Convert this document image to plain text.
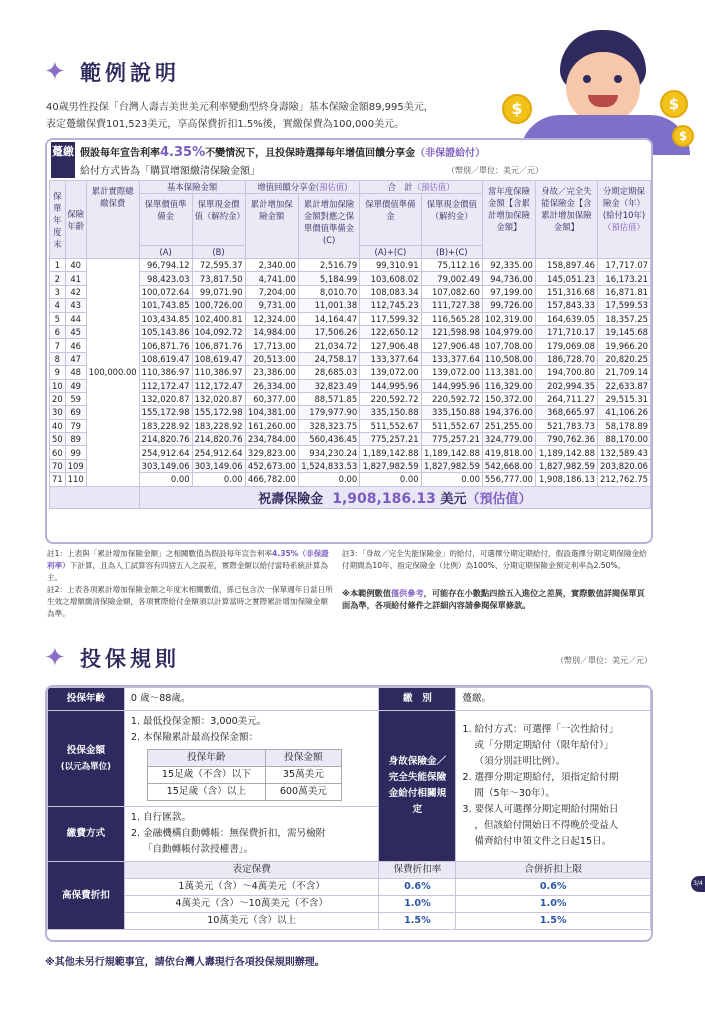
✦ 範例說明
$	$
$
40歲男性投保「台灣人壽吉美世美元利率變動型終身壽險」基本保險金額89,995美元，
表定躉繳保費101,523美元，享高保費折扣1.5%後，實繳保費為100,000美元。
躉繳 假設每年宣告利率4.35%不變情況下，且投保時選擇每年增值回饋分享金（非保證給付）
給付方式皆為「購買增額繳清保險金額」	（幣別／單位：美元／元）
保單年度末	保險年齡	累計實際總繳保費	基本保險金額		增值回饋分享金(預估值)		合　計（預估值）		當年度保險金額【含累計增加保險金額】	身故／完全失能保險金【含累計增加保險金額】	分期定期保險金（年）(給付10年)（預估值）
			保單價值準備金	保單現金價值（解約金）	累計增加保險金額	累計增加保險金額對應之保單價值準備金 (C)	保單價值準備金	保單現金價值（解約金）			
			(A)	(B)			(A)+(C)	(B)+(C)			
1	40	100,000.00	96,794.12	72,595.37	2,340.00	2,516.79	99,310.91	75,112.16	92,335.00	158,897.46	17,717.07
2	41		98,423.03	73,817.50	4,741.00	5,184.99	103,608.02	79,002.49	94,736.00	145,051.23	16,173.21
3	42		100,072.64	99,071.90	7,204.00	8,010.70	108,083.34	107,082.60	97,199.00	151,316.68	16,871.81
4	43		101,743.85	100,726.00	9,731.00	11,001.38	112,745.23	111,727.38	99,726.00	157,843.33	17,599.53
5	44		103,434.85	102,400.81	12,324.00	14,164.47	117,599.32	116,565.28	102,319.00	164,639.05	18,357.25
6	45		105,143.86	104,092.72	14,984.00	17,506.26	122,650.12	121,598.98	104,979.00	171,710.17	19,145.68
7	46		106,871.76	106,871.76	17,713.00	21,034.72	127,906.48	127,906.48	107,708.00	179,069.08	19,966.20
8	47		108,619.47	108,619.47	20,513.00	24,758.17	133,377.64	133,377.64	110,508.00	186,728.70	20,820.25
9	48		110,386.97	110,386.97	23,386.00	28,685.03	139,072.00	139,072.00	113,381.00	194,700.80	21,709.14
10	49		112,172.47	112,172.47	26,334.00	32,823.49	144,995.96	144,995.96	116,329.00	202,994.35	22,633.87
20	59		132,020.87	132,020.87	60,377.00	88,571.85	220,592.72	220,592.72	150,372.00	264,711.27	29,515.31
30	69		155,172.98	155,172.98	104,381.00	179,977.90	335,150.88	335,150.88	194,376.00	368,665.97	41,106.26
40	79		183,228.92	183,228.92	161,260.00	328,323.75	511,552.67	511,552.67	251,255.00	521,783.73	58,178.89
50	89		214,820.76	214,820.76	234,784.00	560,436.45	775,257.21	775,257.21	324,779.00	790,762.36	88,170.00
60	99		254,912.64	254,912.64	329,823.00	934,230.24	1,189,142.88	1,189,142.88	419,818.00	1,189,142.88	132,589.43
70	109		303,149.06	303,149.06	452,673.00	1,524,833.53	1,827,982.59	1,827,982.59	542,668.00	1,827,982.59	203,820.06
71	110		0.00	0.00	466,782.00	0.00	0.00	0.00	556,777.00	1,908,186.13	212,762.75
			祝壽保險金 1,908,186.13 美元（預估值）								
註1：上表與「累計增加保險金額」之相關數值為假設每年宣告利率4.35%（非保證利率）下計算，且為人工試算容有四捨五入之誤差，實際金額以給付當時系統計算為主。
註2：上表各項累計增加保險金額之年度末相關數值，係已包含次一保單週年日當日所生效之增額繳清保險金額，各項實際給付金額須以計算當時之實際累計增加保險金額為準。
註3：「身故／完全失能保險金」的給付，可選擇分期定期給付，假設選擇分期定期保險金給付期間為10年、指定保險金（比例）為100%、分期定期保險金預定利率為2.50%。
※本範例數值僅供參考，可能存在小數點四捨五入進位之差異，實際數值詳閱保單頁面為準，各項給付條件之詳細內容請參閱保單條款。
✦ 投保規則	（幣別／單位：美元／元）
投保年齡	0 歲～88歲。	繳　別	躉繳。

投保金額
(以元為單位)

1. 最低投保金額：3,000美元。
2. 本保險累計最高投保金額：
投保年齡	投保金額
15足歲（不含）以下	35萬美元
15足歲（含）以上	600萬美元
	身故保險金／完全失能保險金給付相關規定	
1. 給付方式：可選擇「一次性給付」
或「分期定期給付（限年給付）」
（須分別註明比例）。
2. 選擇分期定期給付，須指定給付期
間（5年～30年）。
3. 要保人可選擇分期定期給付開始日
，但該給付開始日不得晚於受益人
備齊給付申領文件之日起15日。

繳費方式	
1. 自行匯款。
2. 金融機構自動轉帳：無保費折扣，需另檢附
「自動轉帳付款授權書」。

高保費折扣	表定保費	保費折扣率	合併折扣上限
1萬美元（含）～4萬美元（不含）	0.6%	0.6%
4萬美元（含）～10萬美元（不含）	1.0%	1.0%
10萬美元（含）以上	1.5%	1.5%
※其他未另行規範事宜，請依台灣人壽現行各項投保規則辦理。
3/4
